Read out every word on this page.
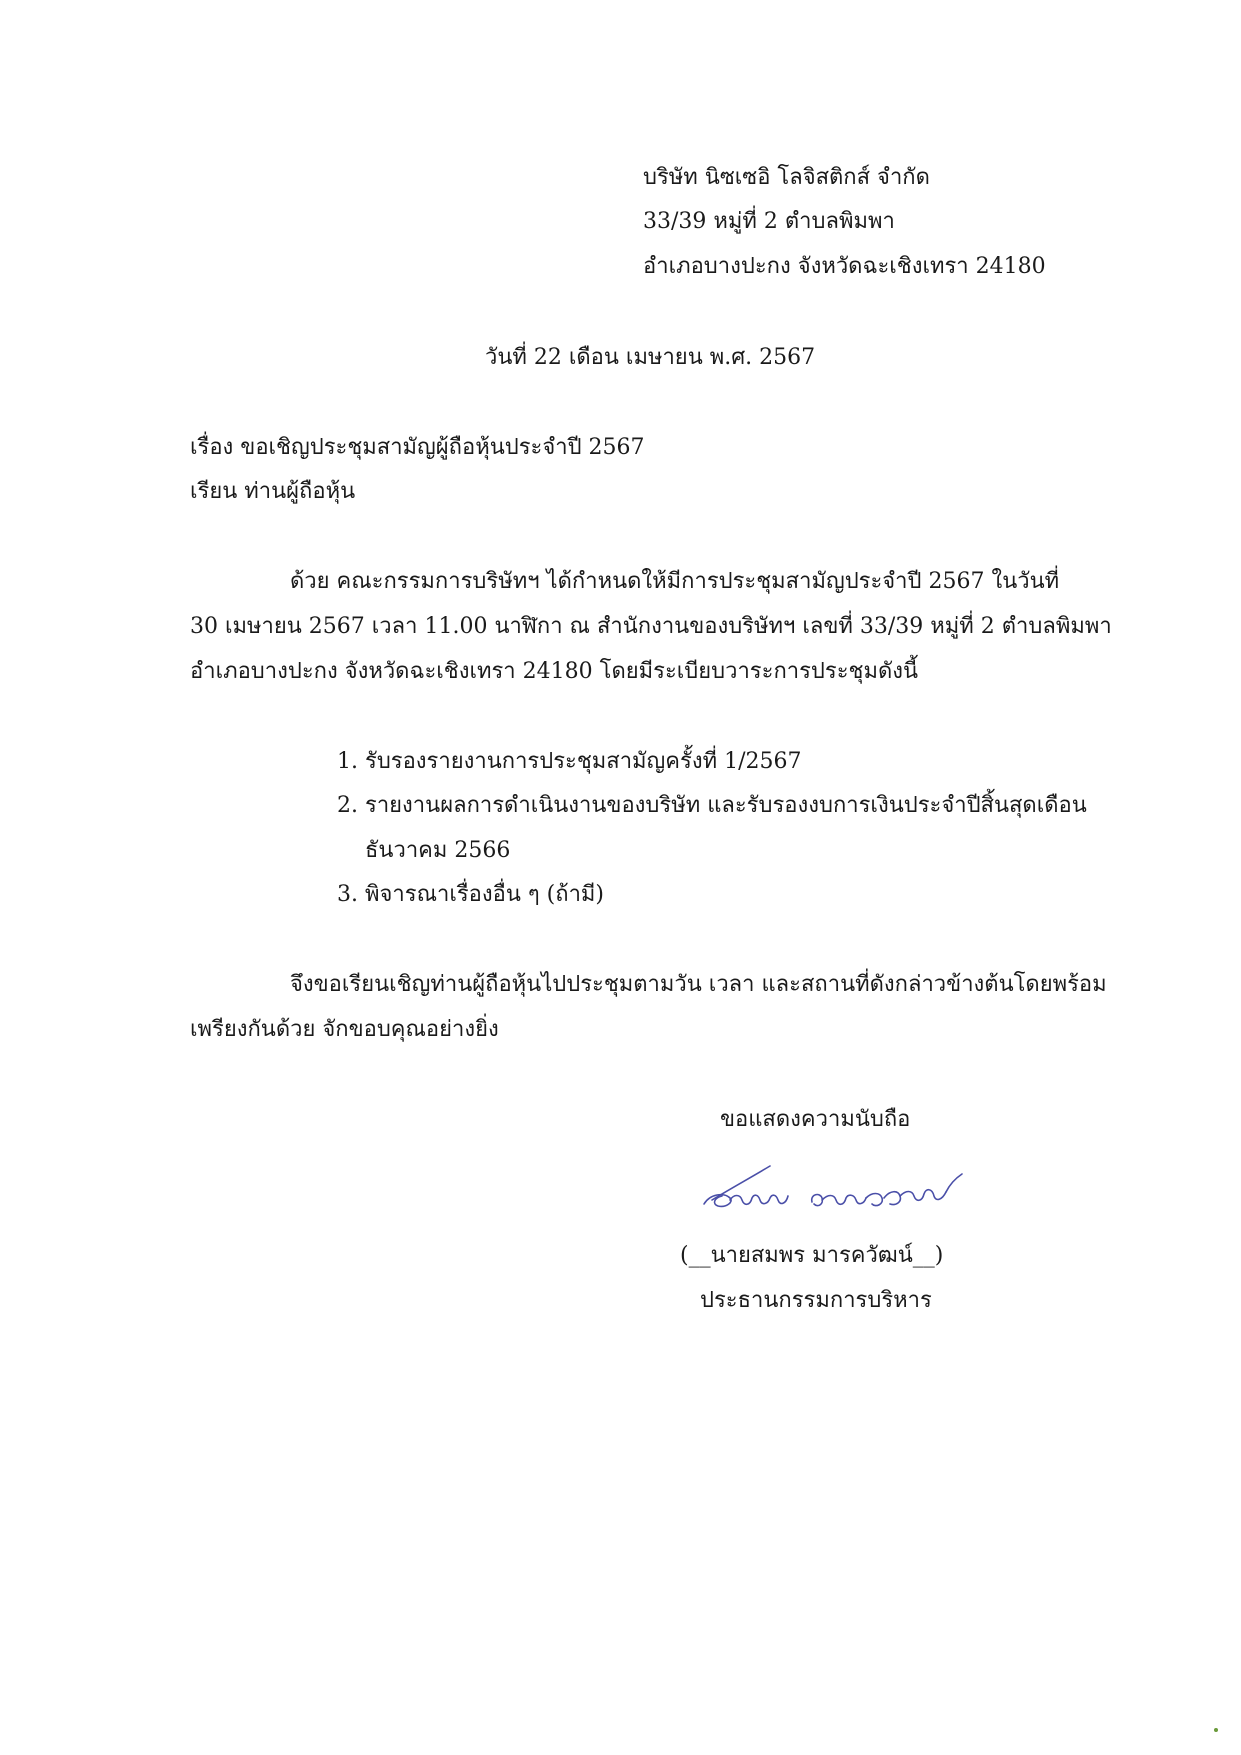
บริษัท นิซเซอิ โลจิสติกส์ จำกัด
33/39 หมู่ที่ 2 ตำบลพิมพา
อำเภอบางปะกง จังหวัดฉะเชิงเทรา 24180
วันที่ 22 เดือน เมษายน พ.ศ. 2567
เรื่อง ขอเชิญประชุมสามัญผู้ถือหุ้นประจำปี 2567
เรียน ท่านผู้ถือหุ้น
ด้วย คณะกรรมการบริษัทฯ ได้กำหนดให้มีการประชุมสามัญประจำปี 2567 ในวันที่
30 เมษายน 2567 เวลา 11.00 นาฬิกา ณ สำนักงานของบริษัทฯ เลขที่ 33/39 หมู่ที่ 2 ตำบลพิมพา
อำเภอบางปะกง จังหวัดฉะเชิงเทรา 24180 โดยมีระเบียบวาระการประชุมดังนี้
1. รับรองรายงานการประชุมสามัญครั้งที่ 1/2567
2. รายงานผลการดำเนินงานของบริษัท และรับรองงบการเงินประจำปีสิ้นสุดเดือน
ธันวาคม 2566
3. พิจารณาเรื่องอื่น ๆ (ถ้ามี)
จึงขอเรียนเชิญท่านผู้ถือหุ้นไปประชุมตามวัน เวลา และสถานที่ดังกล่าวข้างต้นโดยพร้อม
เพรียงกันด้วย จักขอบคุณอย่างยิ่ง
ขอแสดงความนับถือ
(__นายสมพร มารควัฒน์__)
ประธานกรรมการบริหาร
